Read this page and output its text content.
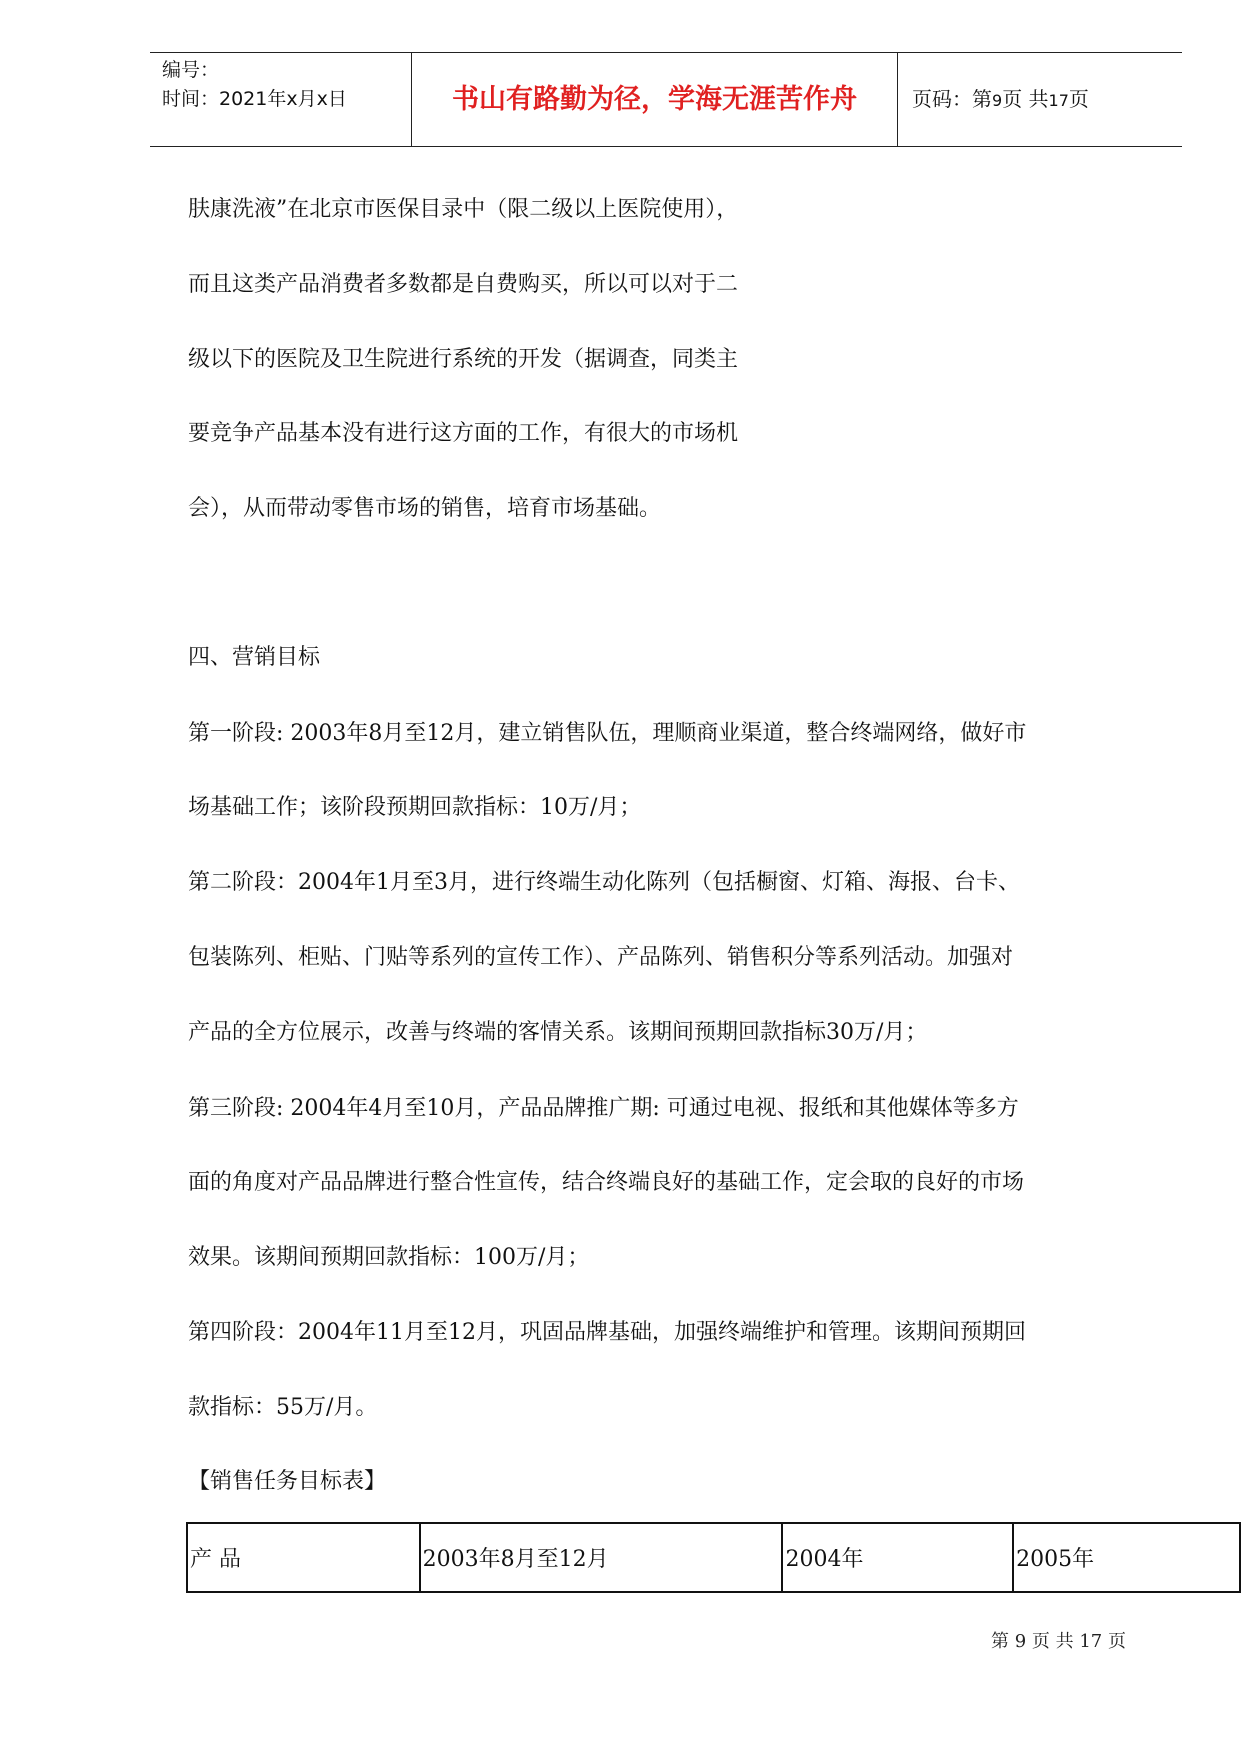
编号：
时间：2021年x月x日	书山有路勤为径，学海无涯苦作舟	页码：第9页 共17页
肤康洗液”在北京市医保目录中（限二级以上医院使用），
而且这类产品消费者多数都是自费购买，所以可以对于二
级以下的医院及卫生院进行系统的开发（据调查，同类主
要竞争产品基本没有进行这方面的工作，有很大的市场机
会），从而带动零售市场的销售，培育市场基础。
四、营销目标
第一阶段: 2003年8月至12月，建立销售队伍，理顺商业渠道，整合终端网络，做好市
场基础工作；该阶段预期回款指标：10万/月；
第二阶段：2004年1月至3月，进行终端生动化陈列（包括橱窗、灯箱、海报、台卡、
包装陈列、柜贴、门贴等系列的宣传工作）、产品陈列、销售积分等系列活动。加强对
产品的全方位展示，改善与终端的客情关系。该期间预期回款指标30万/月；
第三阶段: 2004年4月至10月，产品品牌推广期: 可通过电视、报纸和其他媒体等多方
面的角度对产品品牌进行整合性宣传，结合终端良好的基础工作，定会取的良好的市场
效果。该期间预期回款指标：100万/月；
第四阶段：2004年11月至12月，巩固品牌基础，加强终端维护和管理。该期间预期回
款指标：55万/月。
【销售任务目标表】
产 品	2003年8月至12月	2004年	2005年
第 9 页 共 17 页
